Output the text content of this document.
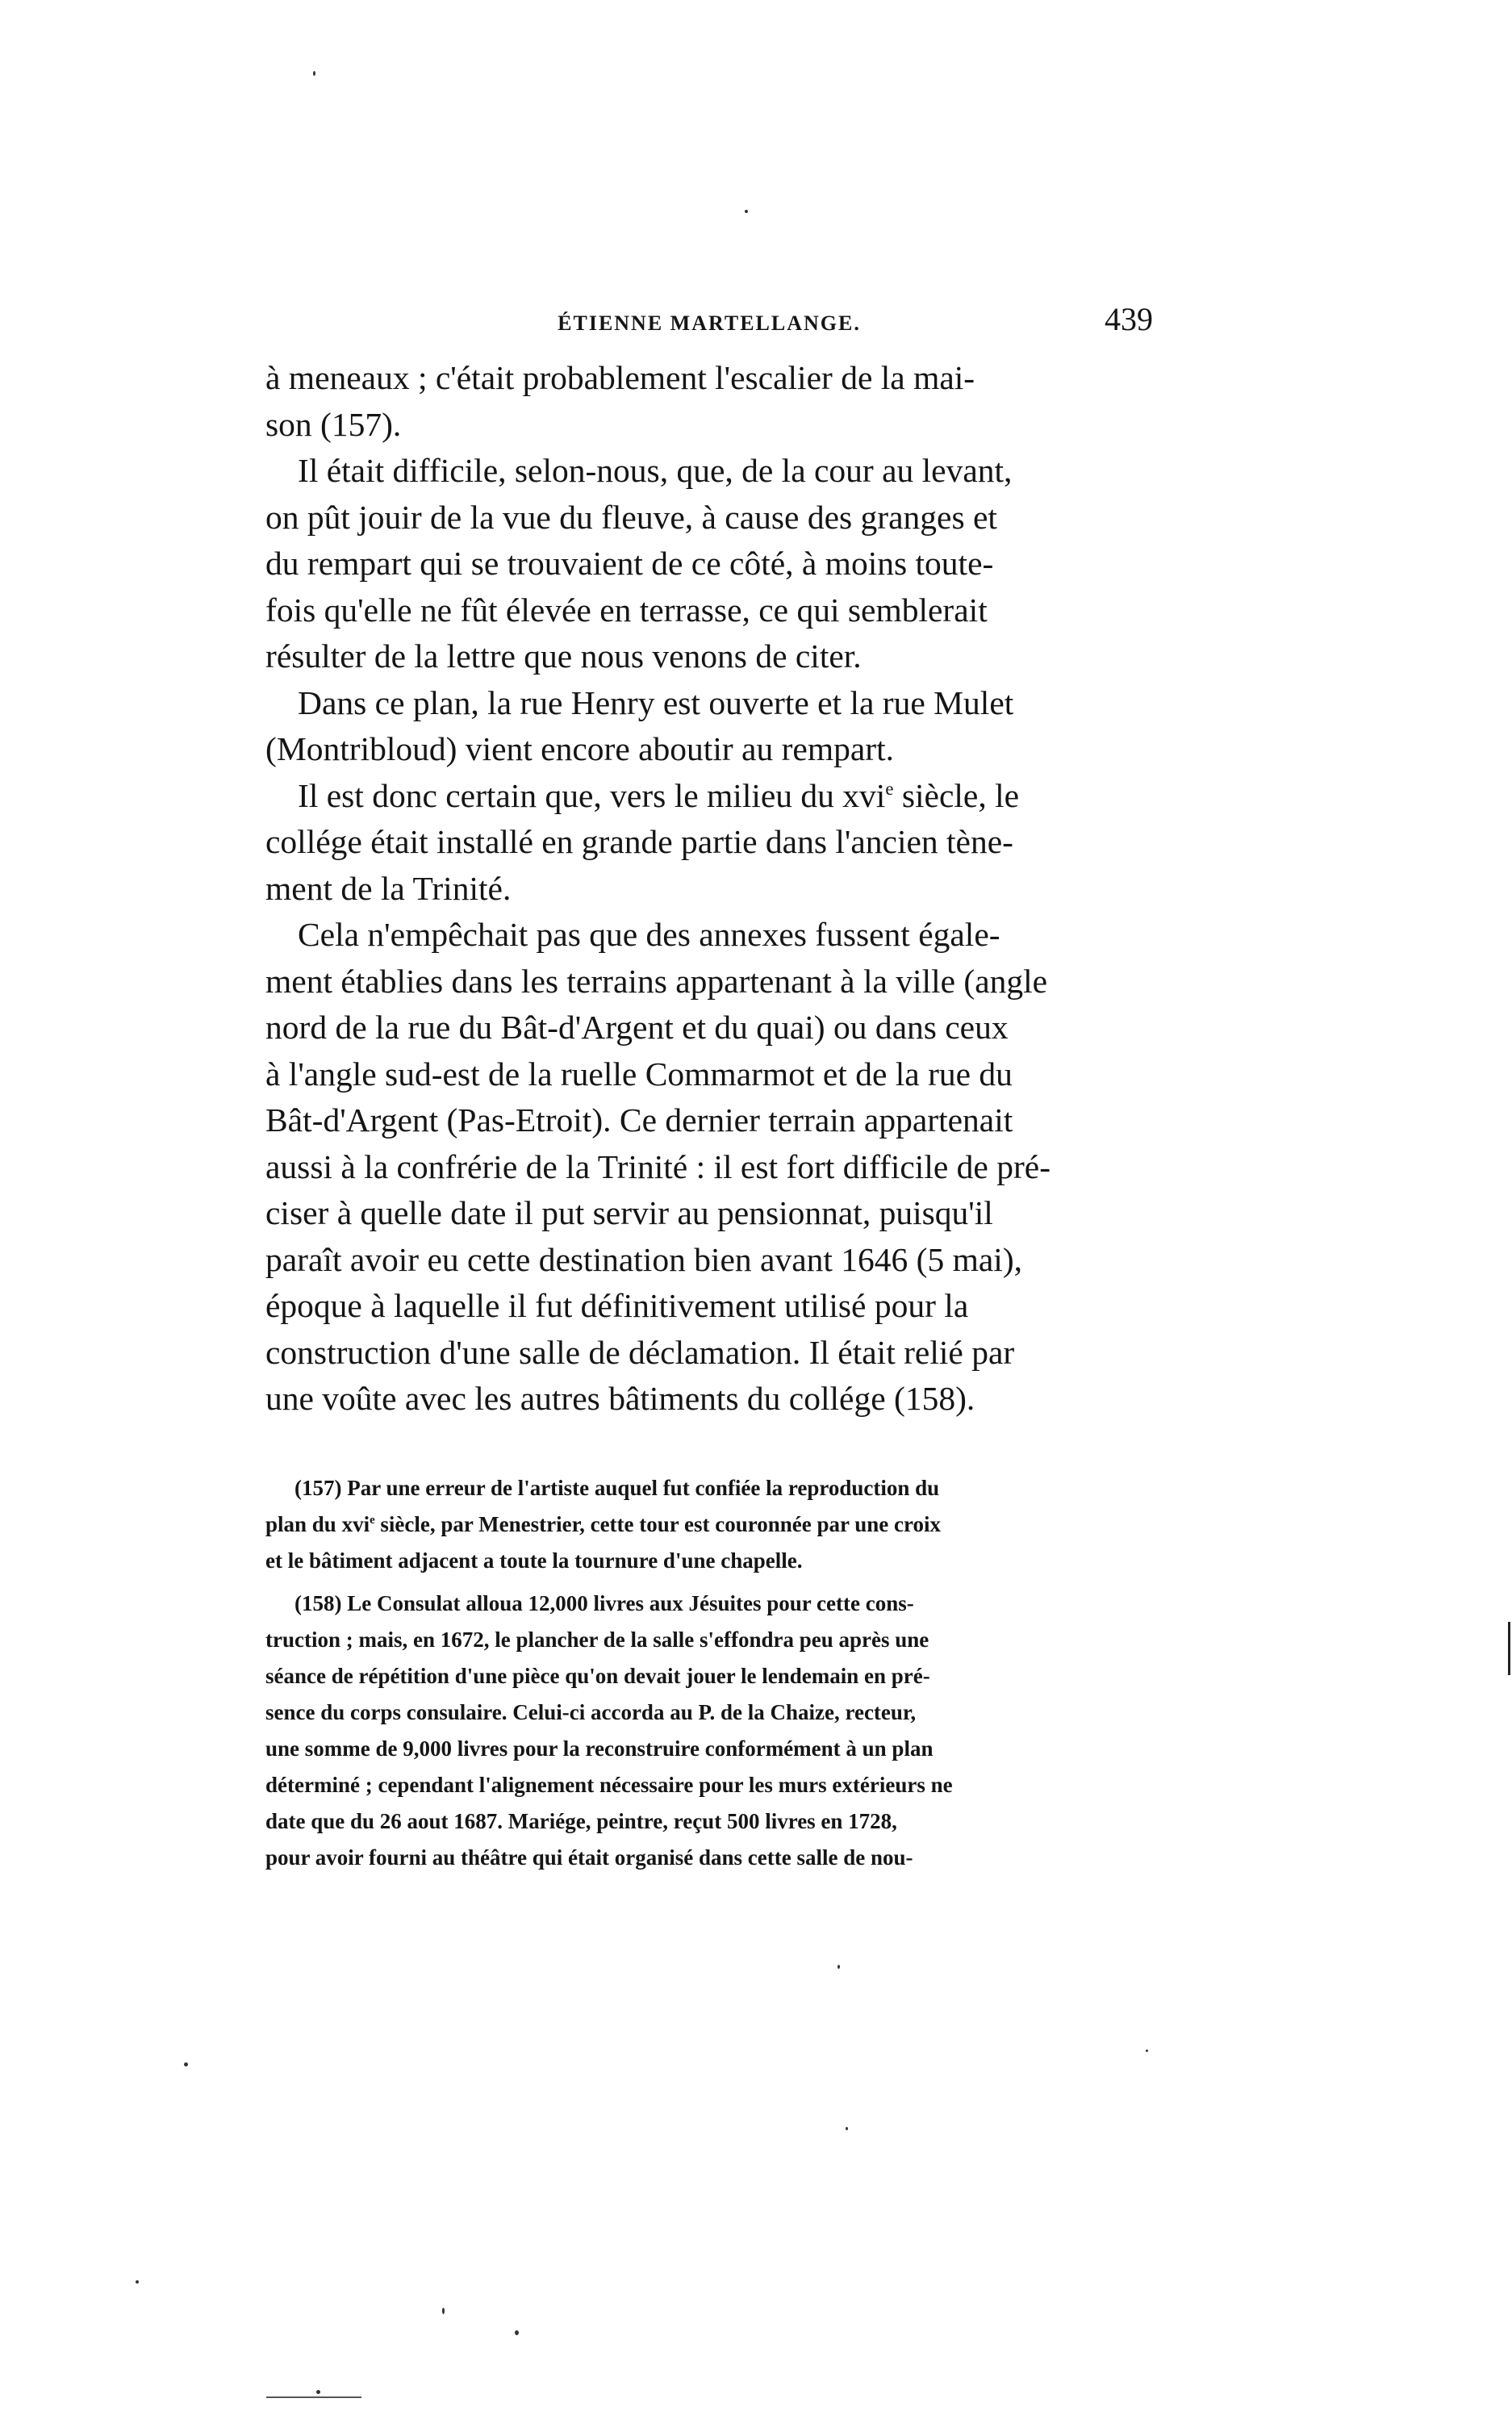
ÉTIENNE MARTELLANGE.	439

à meneaux ; c'était probablement l'escalier de la mai-
son (157).

Il était difficile, selon-nous, que, de la cour au levant,
on pût jouir de la vue du fleuve, à cause des granges et
du rempart qui se trouvaient de ce côté, à moins toute-
fois qu'elle ne fût élevée en terrasse, ce qui semblerait
résulter de la lettre que nous venons de citer.

Dans ce plan, la rue Henry est ouverte et la rue Mulet
(Montribloud) vient encore aboutir au rempart.

Il est donc certain que, vers le milieu du xvi$^e$ siècle, le
collége était installé en grande partie dans l'ancien tène-
ment de la Trinité.

Cela n'empêchait pas que des annexes fussent égale-
ment établies dans les terrains appartenant à la ville (angle
nord de la rue du Bât-d'Argent et du quai) ou dans ceux
à l'angle sud-est de la ruelle Commarmot et de la rue du
Bât-d'Argent (Pas-Etroit). Ce dernier terrain appartenait
aussi à la confrérie de la Trinité : il est fort difficile de pré-
ciser à quelle date il put servir au pensionnat, puisqu'il
paraît avoir eu cette destination bien avant 1646 (5 mai),
époque à laquelle il fut définitivement utilisé pour la
construction d'une salle de déclamation. Il était relié par
une voûte avec les autres bâtiments du collége (158).

(157) Par une erreur de l'artiste auquel fut confiée la reproduction du
plan du xvi$^e$ siècle, par Menestrier, cette tour est couronnée par une croix
et le bâtiment adjacent a toute la tournure d'une chapelle.

(158) Le Consulat alloua 12,000 livres aux Jésuites pour cette cons-
truction ; mais, en 1672, le plancher de la salle s'effondra peu après une
séance de répétition d'une pièce qu'on devait jouer le lendemain en pré-
sence du corps consulaire. Celui-ci accorda au P. de la Chaize, recteur,
une somme de 9,000 livres pour la reconstruire conformément à un plan
déterminé ; cependant l'alignement nécessaire pour les murs extérieurs ne
date que du 26 aout 1687. Mariége, peintre, reçut 500 livres en 1728,
pour avoir fourni au théâtre qui était organisé dans cette salle de nou-
